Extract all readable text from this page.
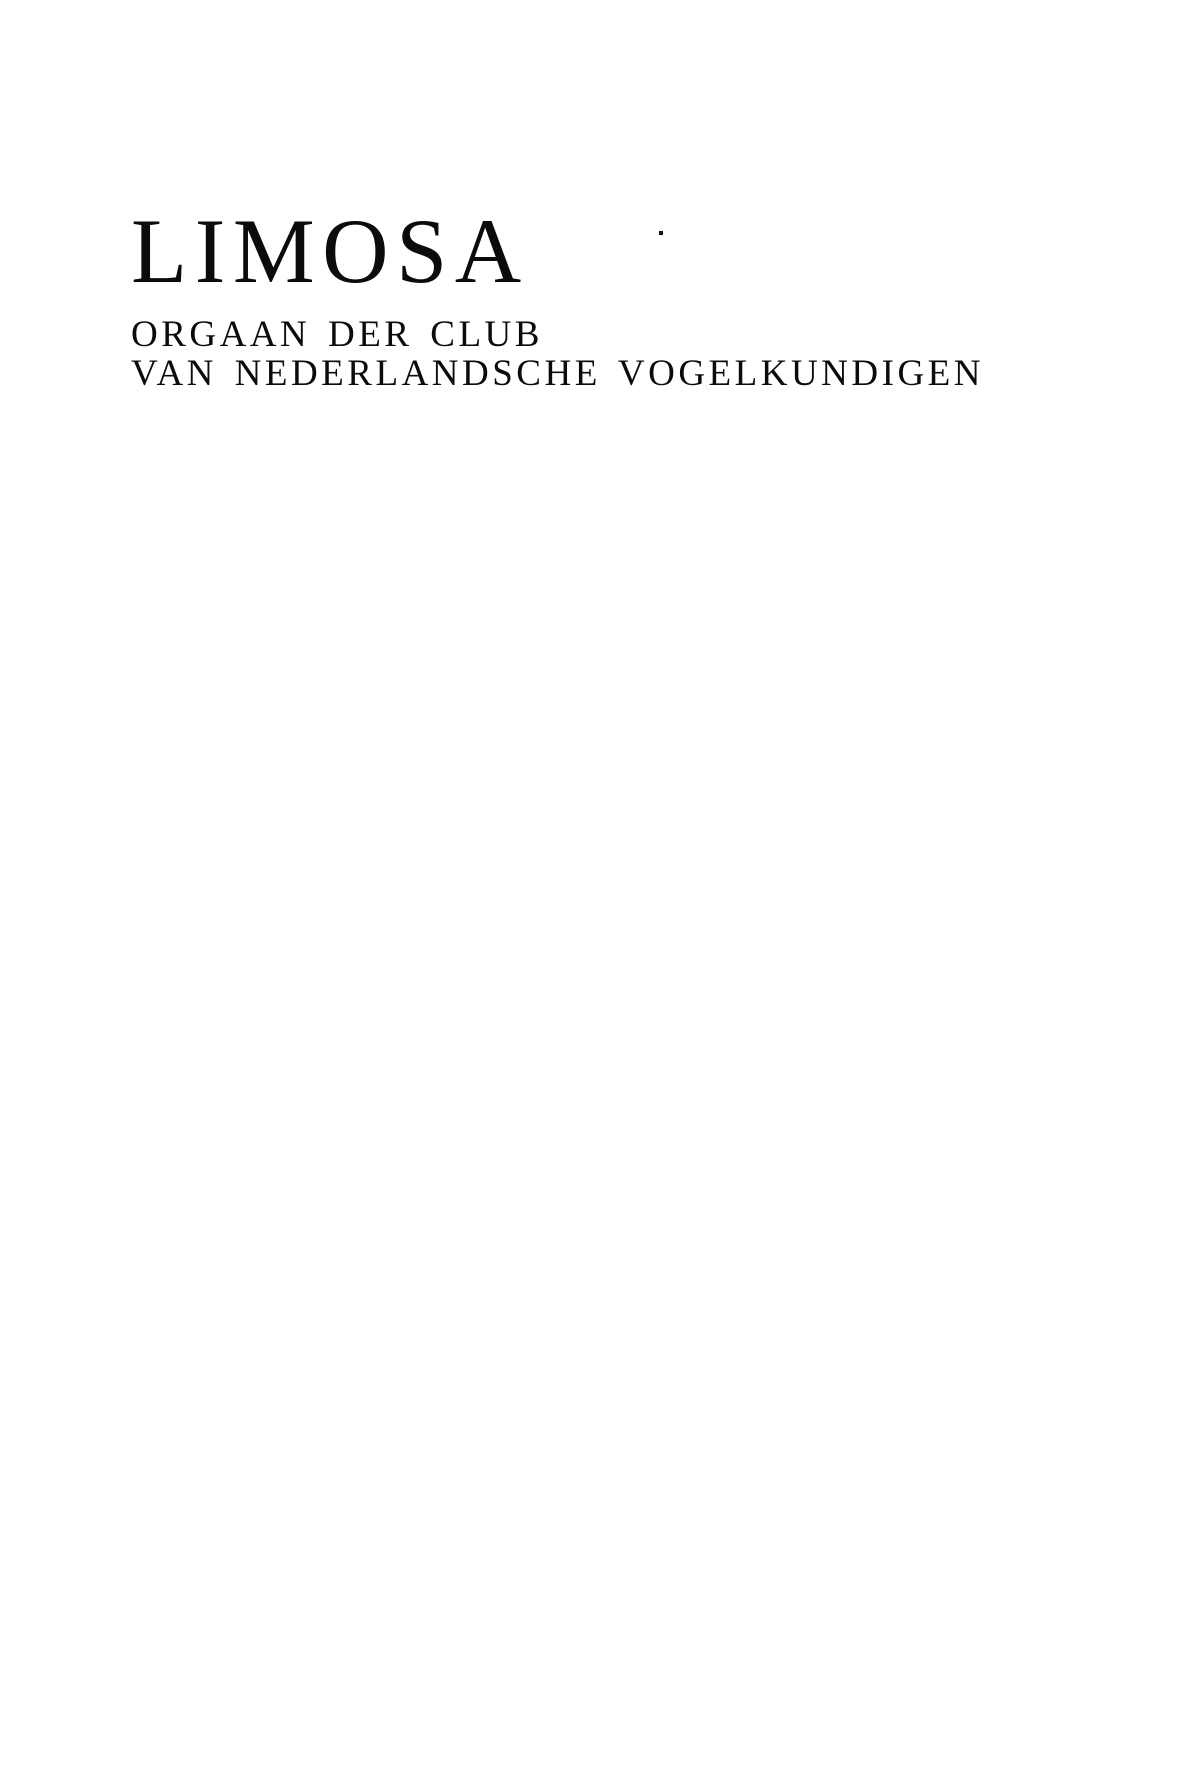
LIMOSA
ORGAAN DER CLUB
VAN NEDERLANDSCHE VOGELKUNDIGEN
